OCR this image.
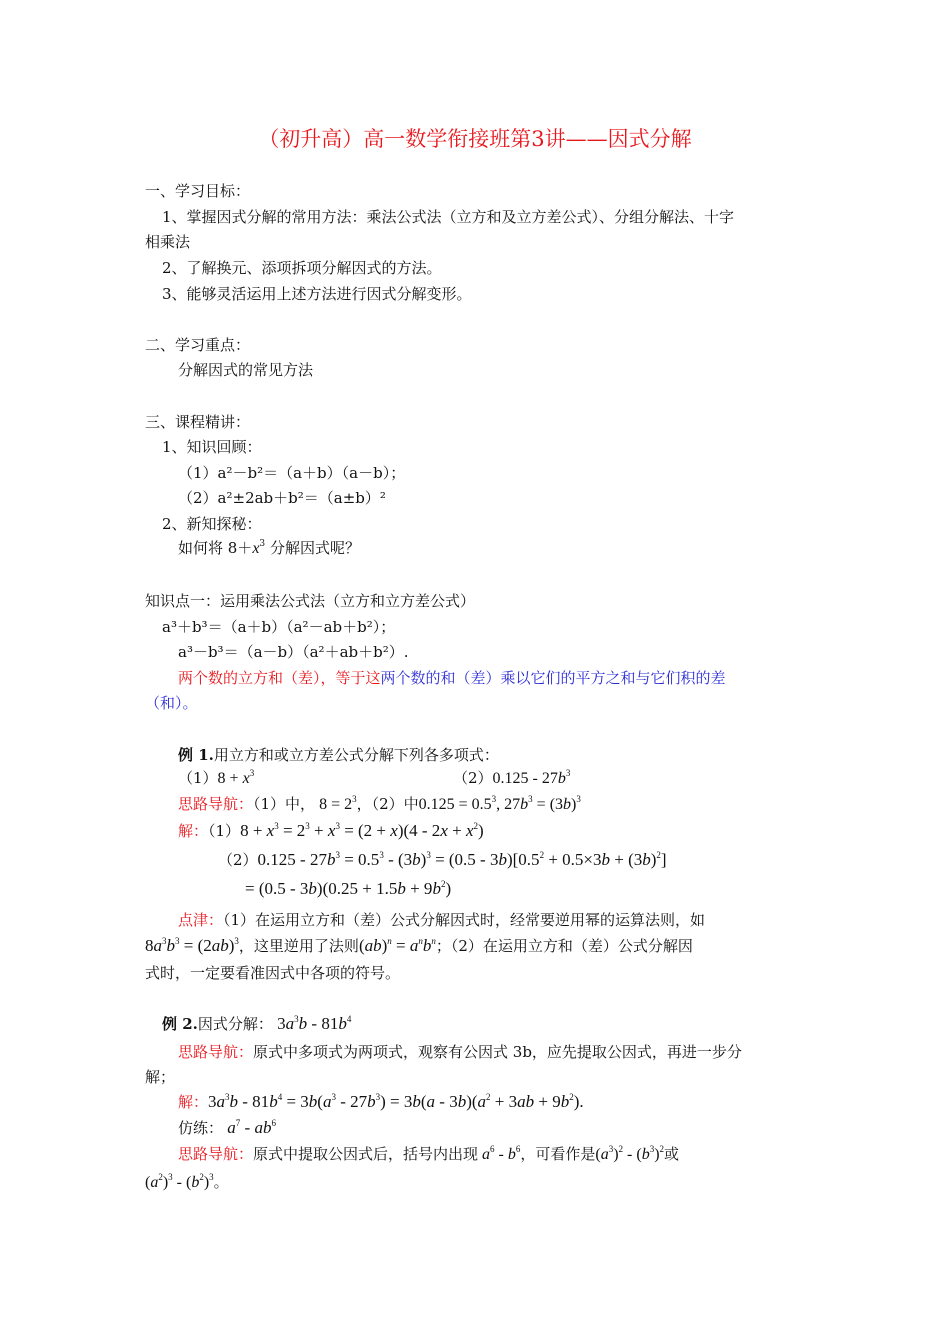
（初升高）高一数学衔接班第3讲——因式分解
一、学习目标：
1、掌握因式分解的常用方法：乘法公式法（立方和及立方差公式）、分组分解法、十字
相乘法
2、了解换元、添项拆项分解因式的方法。
3、能够灵活运用上述方法进行因式分解变形。
二、学习重点：
分解因式的常见方法
三、课程精讲：
1、知识回顾：
（1）a²－b²＝（a＋b）（a－b）；
（2）a²±2ab＋b²＝（a±b）²
2、新知探秘：
如何将 $8+x^3$ 分解因式呢？
知识点一：运用乘法公式法（立方和立方差公式）
a³＋b³＝（a＋b）（a²－ab＋b²）；
a³－b³＝（a－b）（a²＋ab＋b²）.
两个数的立方和（差），等于这两个数的和（差）乘以它们的平方之和与它们积的差
（和）。
例 1.用立方和或立方差公式分解下列各多项式：
$(1)8 + x^3$	$(2)0.125 - 27b^3$
思路导航：（1）中， $8 = 2^3$，（2）中$0.125 = 0.5^3$, $27b^3 = (3b)^3$
解：$(1)8 + x^3 = 2^3 + x^3 = (2 + x)(4 - 2x + x^2)$
$(2)0.125 - 27b^3 = 0.5^3 - (3b)^3 = (0.5 - 3b)[0.5^2 + 0.5\times 3b + (3b)^2]$
= $(0.5 - 3b)(0.25 + 1.5b + 9b^2)$
点津：（1）在运用立方和（差）公式分解因式时，经常要逆用幂的运算法则，如
$8a^3b^3 = (2ab)^3$，这里逆用了法则$(ab)^n = a^nb^n$；（2）在运用立方和（差）公式分解因
式时，一定要看准因式中各项的符号。
例 2.因式分解： $3a^3b - 81b^4$
思路导航：原式中多项式为两项式，观察有公因式 3b，应先提取公因式，再进一步分
解；
解：$3a^3b - 81b^4 = 3b(a^3 - 27b^3) = 3b(a - 3b)(a^2 + 3ab + 9b^2)$.
仿练： $a^7 - ab^6$
思路导航：原式中提取公因式后，括号内出现 $a^6 - b^6$，可看作是$(a^3)^2 - (b^3)^2$或
$(a^2)^3 - (b^2)^3$。
